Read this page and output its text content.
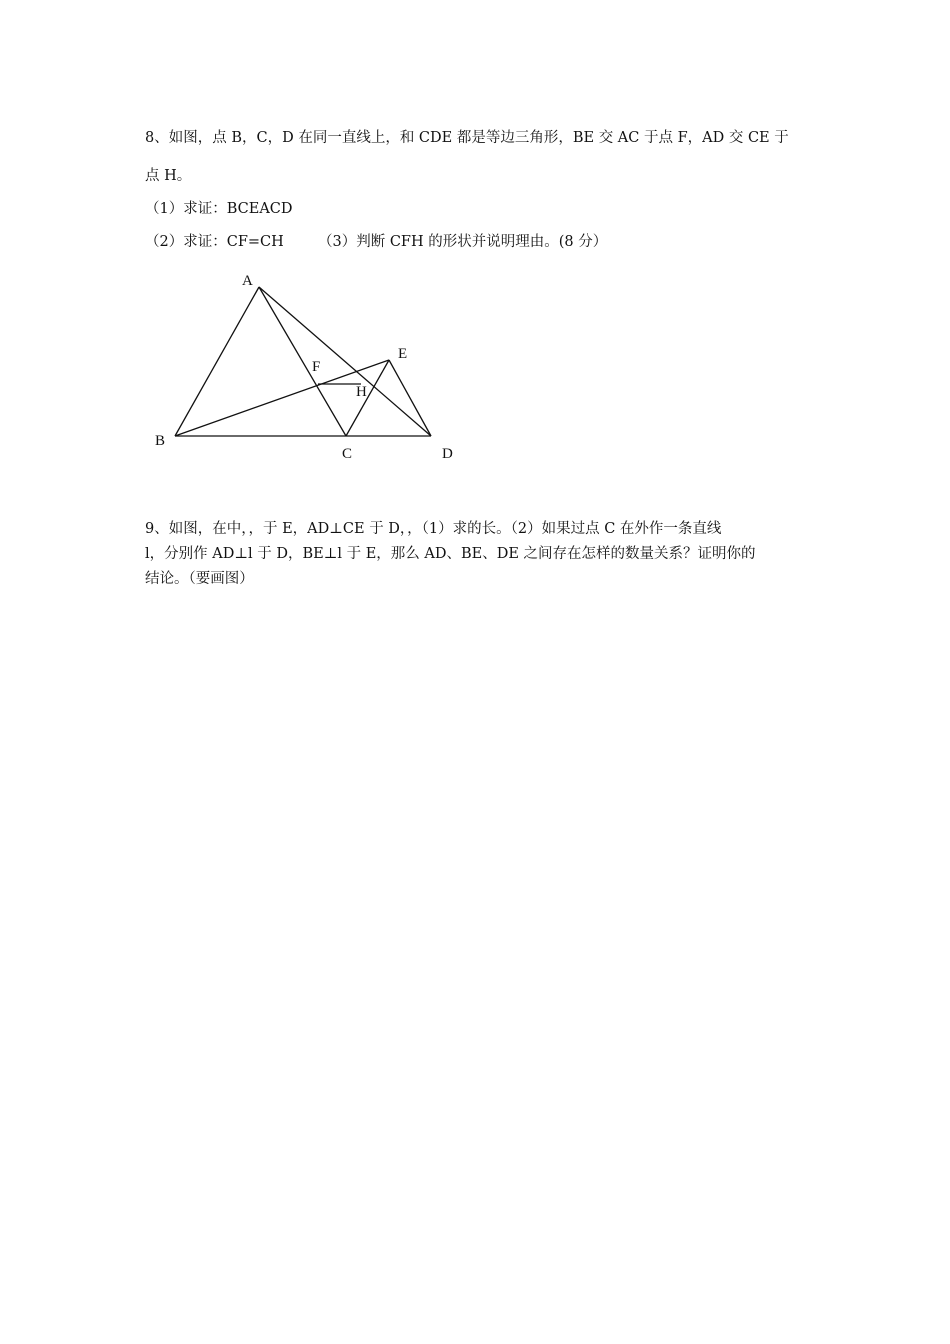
8、如图，点 B，C，D 在同一直线上，和 CDE 都是等边三角形，BE 交 AC 于点 F，AD 交 CE 于
点 H。
（1）求证：BCEACD
（2）求证：CF=CH （3）判断 CFH 的形状并说明理由。(8 分）
A
B
C	D
E
F
H
9、如图，在中，，于 E，AD⊥CE 于 D，，（1）求的长。（2）如果过点 C 在外作一条直线
l，分别作 AD⊥l 于 D，BE⊥l 于 E，那么 AD、BE、DE 之间存在怎样的数量关系？证明你的
结论。（要画图）
